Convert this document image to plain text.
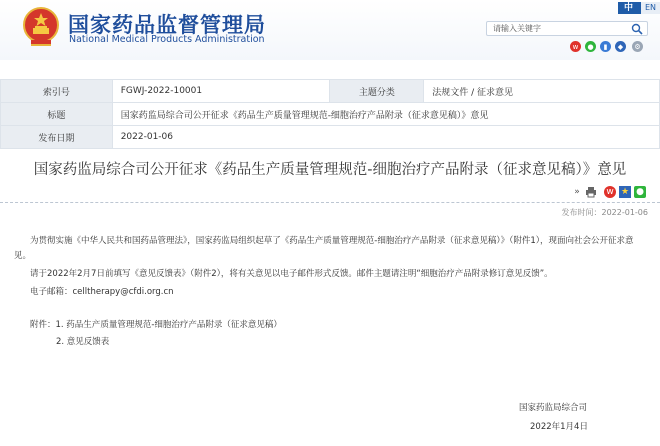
国家药品监督管理局
National Medical Products Administration
中	EN
请输入关键字
w	●	▮	◆	⚙
索引号	FGWJ-2022-10001	主题分类	法规文件 / 征求意见
标题	国家药监局综合司公开征求《药品生产质量管理规范-细胞治疗产品附录（征求意见稿）》意见		
发布日期	2022-01-06		
国家药监局综合司公开征求《药品生产质量管理规范-细胞治疗产品附录（征求意见稿）》意见
»	w ★ ●
发布时间：2022-01-06
为贯彻实施《中华人民共和国药品管理法》，国家药监局组织起草了《药品生产质量管理规范-细胞治疗产品附录（征求意见稿）》（附件1），现面向社会公开征求意
见。
请于2022年2月7日前填写《意见反馈表》（附件2），将有关意见以电子邮件形式反馈。邮件主题请注明“细胞治疗产品附录修订意见反馈”。
电子邮箱：celltherapy@cfdi.org.cn
附件：1. 药品生产质量管理规范-细胞治疗产品附录（征求意见稿）
2. 意见反馈表
国家药监局综合司
2022年1月4日
